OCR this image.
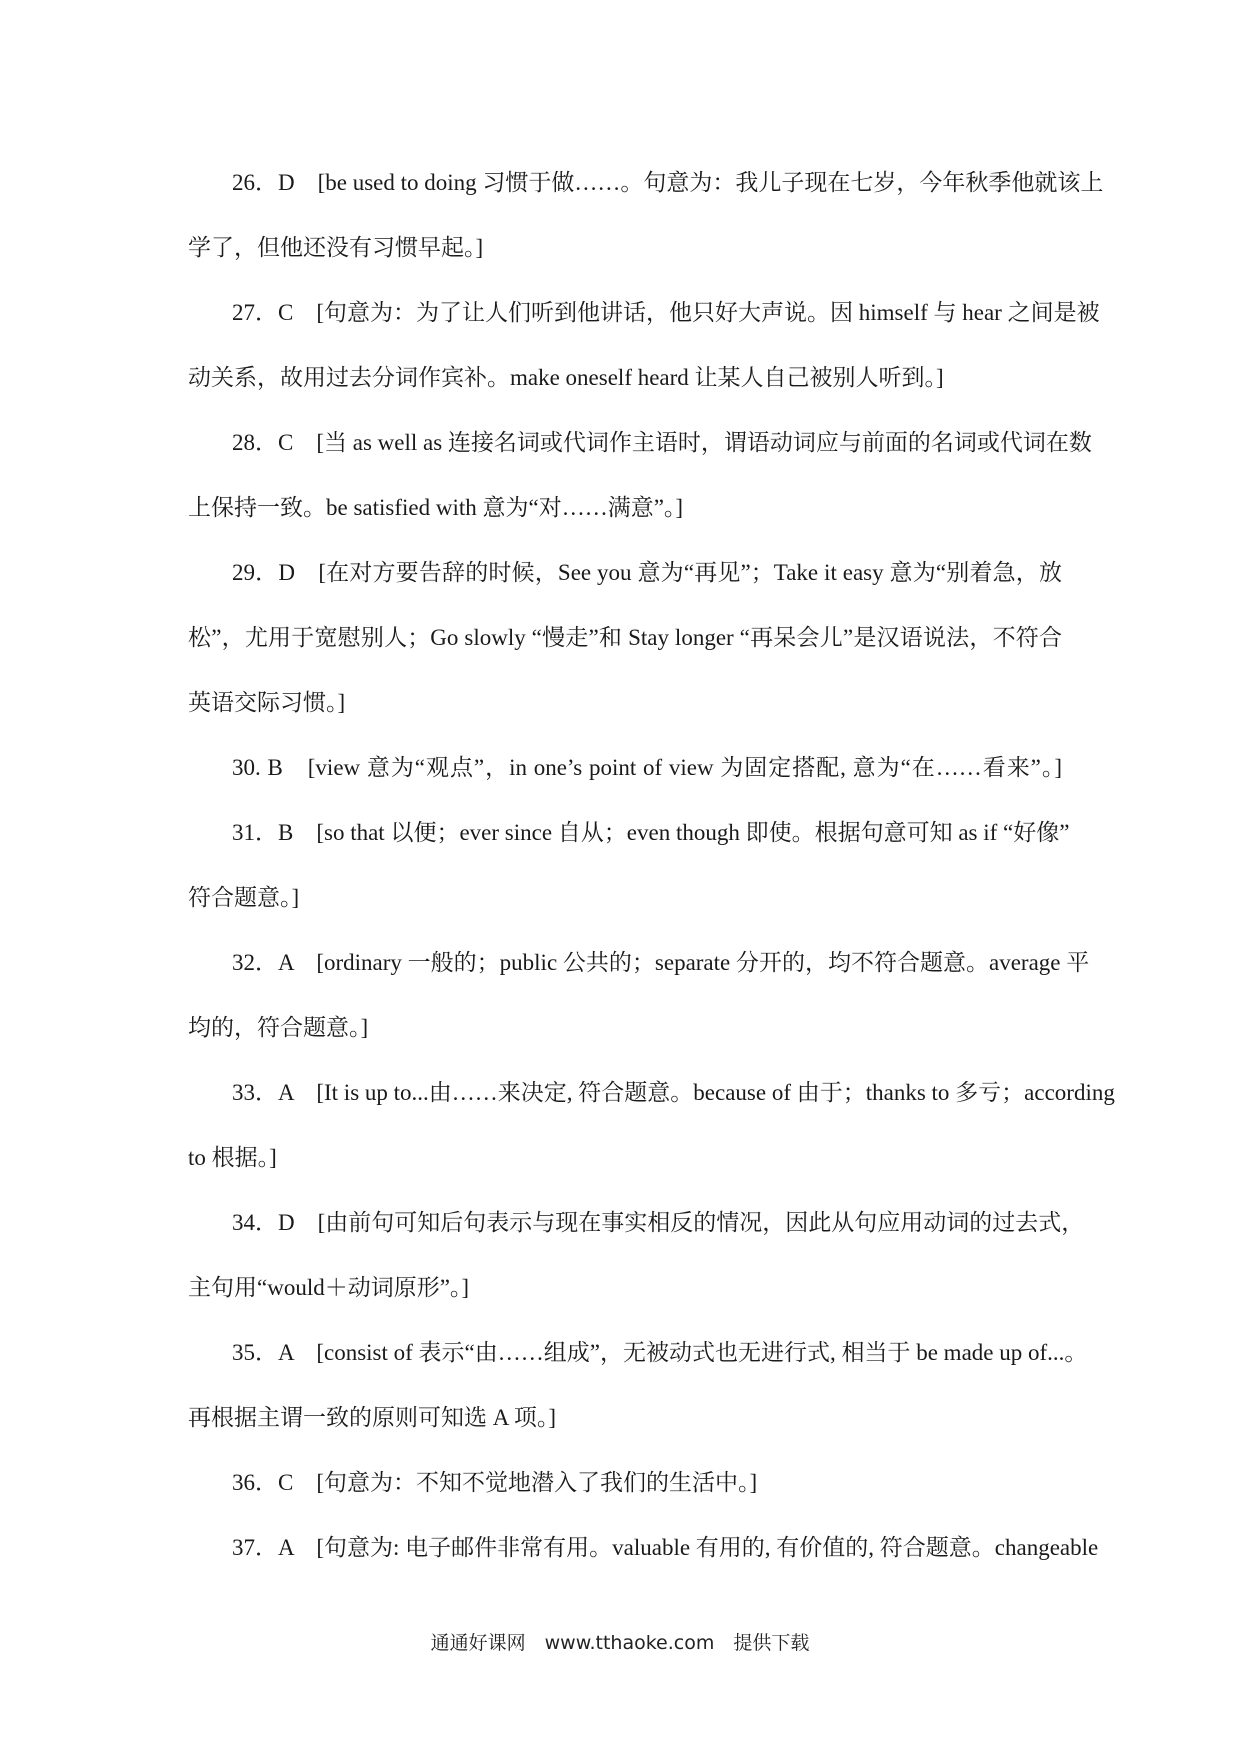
26．D　[be used to doing 习惯于做……。句意为：我儿子现在七岁，今年秋季他就该上
学了，但他还没有习惯早起。]
27．C　[句意为：为了让人们听到他讲话，他只好大声说。因 himself 与 hear 之间是被
动关系，故用过去分词作宾补。make oneself heard 让某人自己被别人听到。]
28．C　[当 as well as 连接名词或代词作主语时，谓语动词应与前面的名词或代词在数
上保持一致。be satisfied with 意为“对……满意”。]
29．D　[在对方要告辞的时候，See you 意为“再见”；Take it easy 意为“别着急，放
松”，尤用于宽慰别人；Go slowly “慢走”和 Stay longer “再呆会儿”是汉语说法，不符合
英语交际习惯。]
30. B　[view 意为“观点”，in one’s point of view 为固定搭配, 意为“在……看来”。]
31．B　[so that 以便；ever since 自从；even though 即使。根据句意可知 as if “好像”
符合题意。]
32．A　[ordinary 一般的；public 公共的；separate 分开的，均不符合题意。average 平
均的，符合题意。]
33．A　[It is up to...由……来决定, 符合题意。because of 由于；thanks to 多亏；according
to 根据。]
34．D　[由前句可知后句表示与现在事实相反的情况，因此从句应用动词的过去式，
主句用“would＋动词原形”。]
35．A　[consist of 表示“由……组成”，无被动式也无进行式, 相当于 be made up of...。
再根据主谓一致的原则可知选 A 项。]
36．C　[句意为：不知不觉地潜入了我们的生活中。]
37．A　[句意为: 电子邮件非常有用。valuable 有用的, 有价值的, 符合题意。changeable
通通好课网　www.tthaoke.com　提供下载
